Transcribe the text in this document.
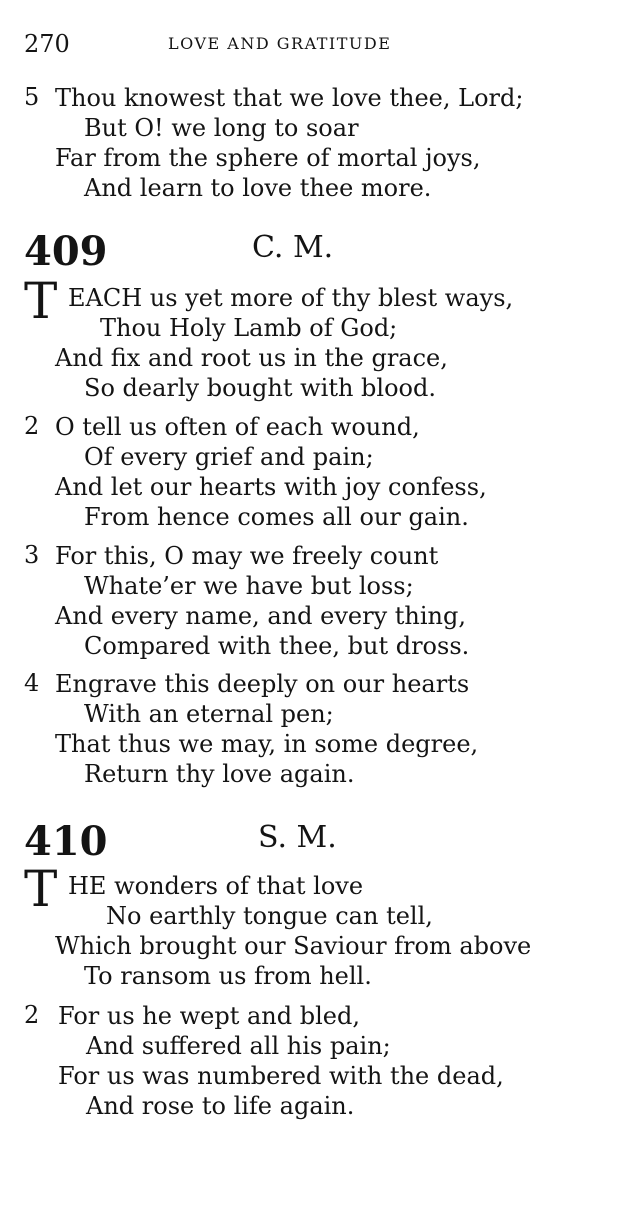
270	LOVE AND GRATITUDE
5 Thou knowest that we love thee, Lord;
But O! we long to soar
Far from the sphere of mortal joys,
And learn to love thee more.
409	C. M.
T EACH us yet more of thy blest ways,
Thou Holy Lamb of God;
And fix and root us in the grace,
So dearly bought with blood.
2 O tell us often of each wound,
Of every grief and pain;
And let our hearts with joy confess,
From hence comes all our gain.
3 For this, O may we freely count
Whate’er we have but loss;
And every name, and every thing,
Compared with thee, but dross.
4 Engrave this deeply on our hearts
With an eternal pen;
That thus we may, in some degree,
Return thy love again.
410	S. M.
T HE wonders of that love
No earthly tongue can tell,
Which brought our Saviour from above
To ransom us from hell.
2 For us he wept and bled,
And suffered all his pain;
For us was numbered with the dead,
And rose to life again.
